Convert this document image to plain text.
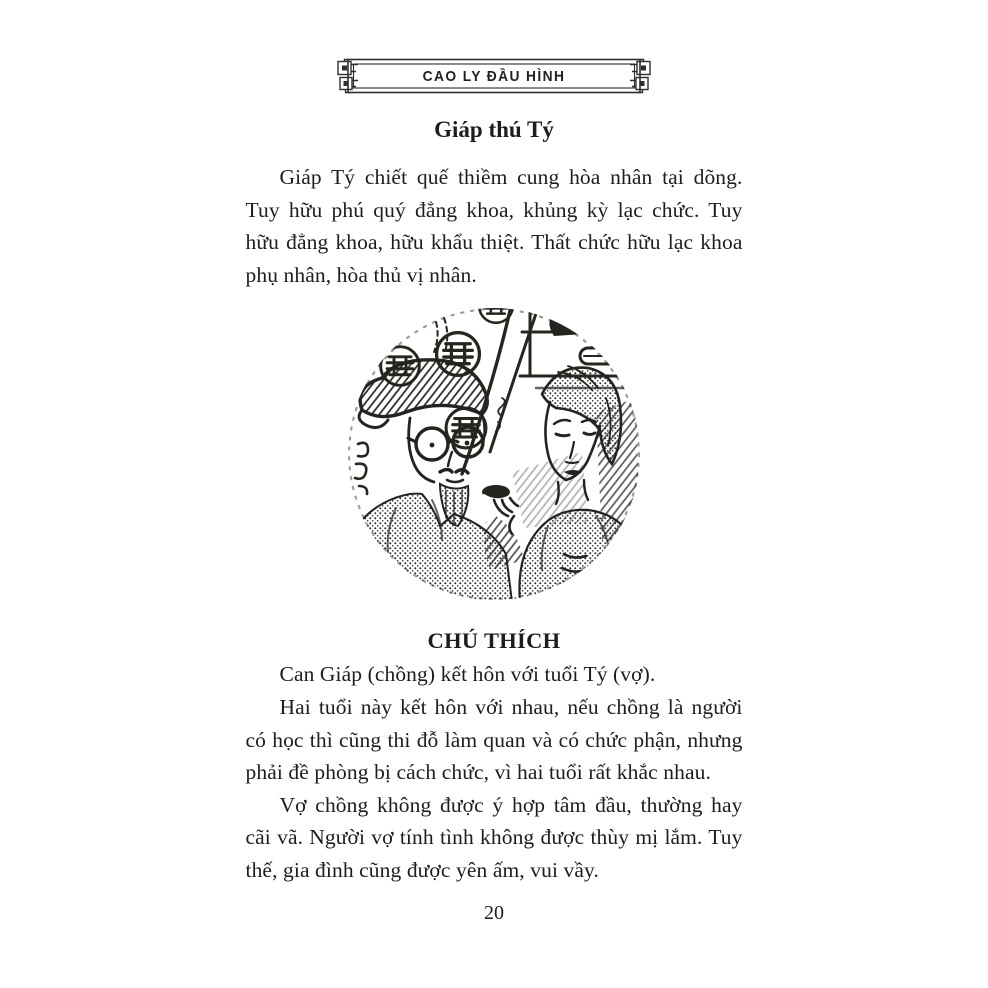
CAO LY ĐẦU HÌNH
Giáp thú Tý

Giáp Tý chiết quế thiềm cung hòa nhân tại dõng. Tuy hữu phú quý đẳng khoa, khủng kỳ lạc chức. Tuy hữu đẳng khoa, hữu khẩu thiệt. Thất chức hữu lạc khoa phụ nhân, hòa thủ vị nhân.

CHÚ THÍCH

Can Giáp (chồng) kết hôn với tuổi Tý (vợ).

Hai tuổi này kết hôn với nhau, nếu chồng là người có học thì cũng thi đỗ làm quan và có chức phận, nhưng phải đề phòng bị cách chức, vì hai tuổi rất khắc nhau.

Vợ chồng không được ý hợp tâm đầu, thường hay cãi vã. Người vợ tính tình không được thùy mị lắm. Tuy thế, gia đình cũng được yên ấm, vui vầy.

20
